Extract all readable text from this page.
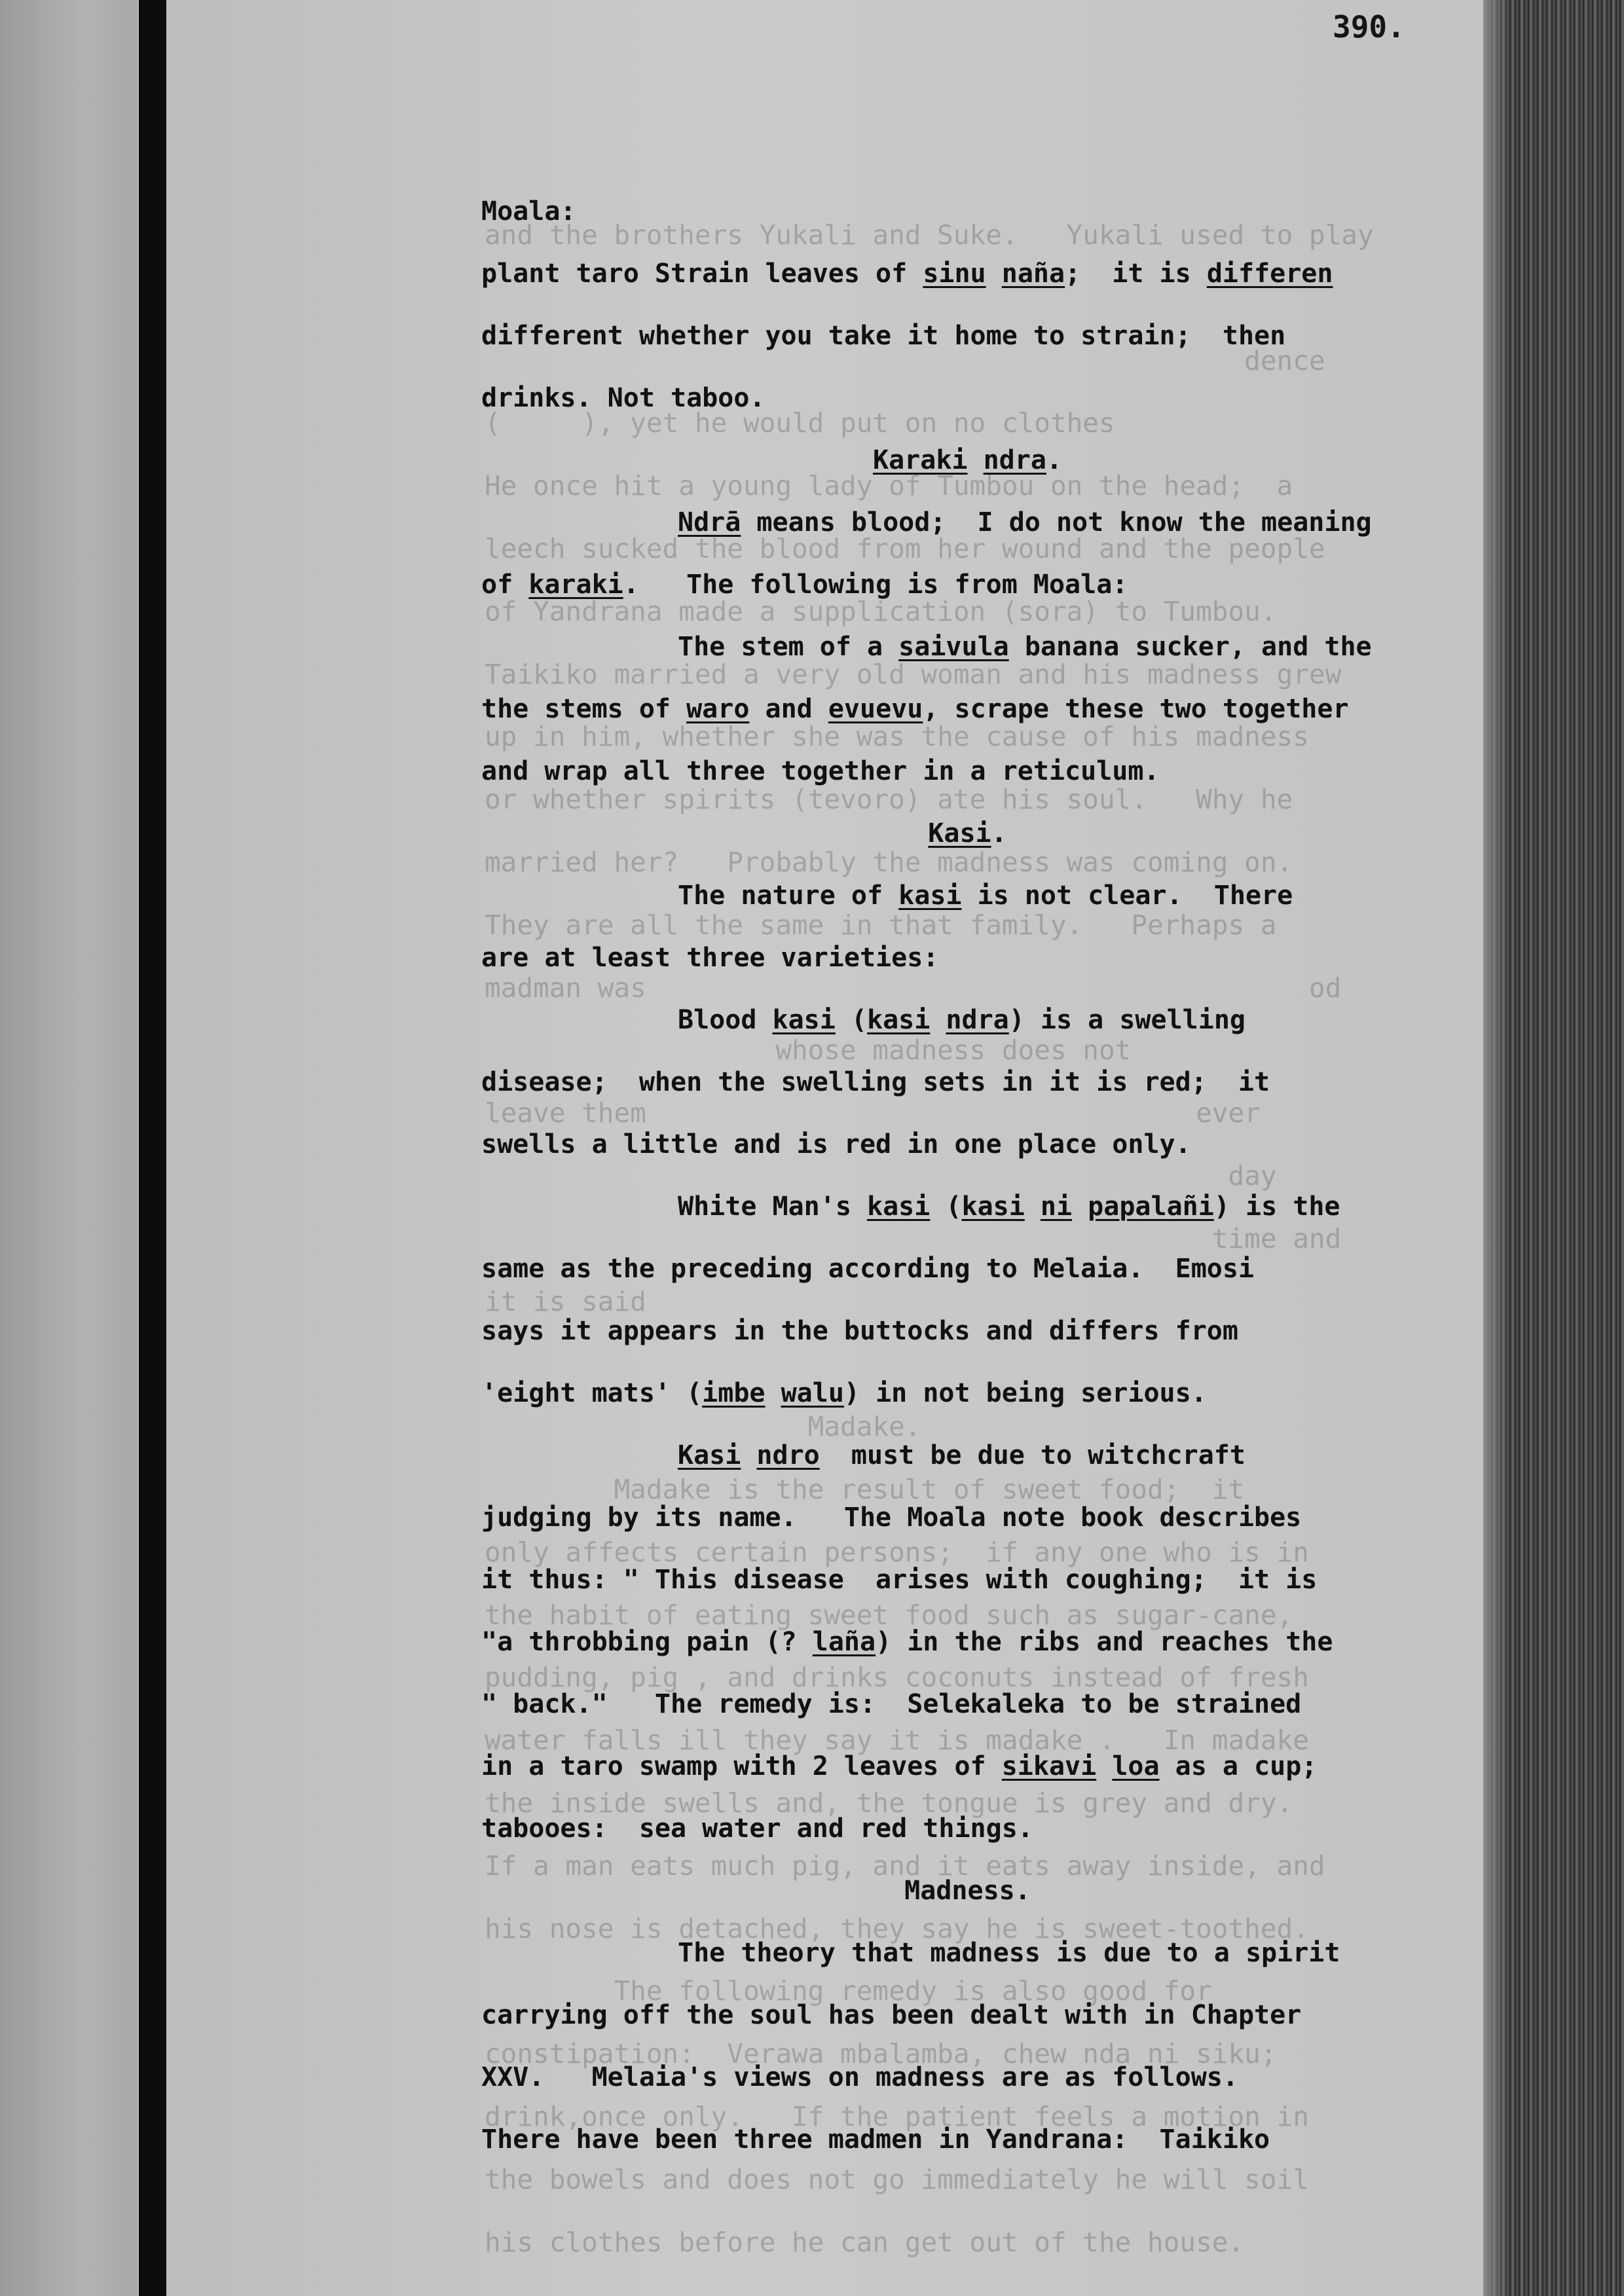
390.

and the brothers Yukali and Suke.   Yukali used to play
dence
(     ), yet he would put on no clothes
He once hit a young lady of Tumbou on the head;  a
leech sucked the blood from her wound and the people
of Yandrana made a supplication (sora) to Tumbou.
Taikiko married a very old woman and his madness grew
up in him, whether she was the cause of his madness
or whether spirits (tevoro) ate his soul.   Why he
married her?   Probably the madness was coming on.
They are all the same in that family.   Perhaps a
madman was                                         od
whose madness does not
leave them                                  ever
day
time and
it is said
Madake.
Madake is the result of sweet food;  it
only affects certain persons;  if any one who is in
the habit of eating sweet food such as sugar-cane,
pudding, pig , and drinks coconuts instead of fresh
water falls ill they say it is madake .   In madake
the inside swells and, the tongue is grey and dry.
If a man eats much pig, and it eats away inside, and
his nose is detached, they say he is sweet-toothed.
The following remedy is also good for
constipation:  Verawa mbalamba, chew nda ni siku;
drink,once only.   If the patient feels a motion in
the bowels and does not go immediately he will soil
his clothes before he can get out of the house.

Moala:

plant taro Strain leaves of sinu naña;  it is differen

different whether you take it home to strain;  then

drinks. Not taboo.

Karaki ndra.

Ndrā means blood;  I do not know the meaning

of karaki.   The following is from Moala:

The stem of a saivula banana sucker, and the

the stems of waro and evuevu, scrape these two together

and wrap all three together in a reticulum.

Kasi.

The nature of kasi is not clear.  There

are at least three varieties:

Blood kasi (kasi ndra) is a swelling

disease;  when the swelling sets in it is red;  it

swells a little and is red in one place only.

White Man's kasi (kasi ni papalañi) is the

same as the preceding according to Melaia.  Emosi

says it appears in the buttocks and differs from

'eight mats' (imbe walu) in not being serious.

Kasi ndro  must be due to witchcraft

judging by its name.   The Moala note book describes

it thus: " This disease  arises with coughing;  it is

"a throbbing pain (? laña) in the ribs and reaches the

" back."   The remedy is:  Selekaleka to be strained

in a taro swamp with 2 leaves of sikavi loa as a cup;

tabooes:  sea water and red things.

Madness.

The theory that madness is due to a spirit

carrying off the soul has been dealt with in Chapter

XXV.   Melaia's views on madness are as follows.

There have been three madmen in Yandrana:  Taikiko
